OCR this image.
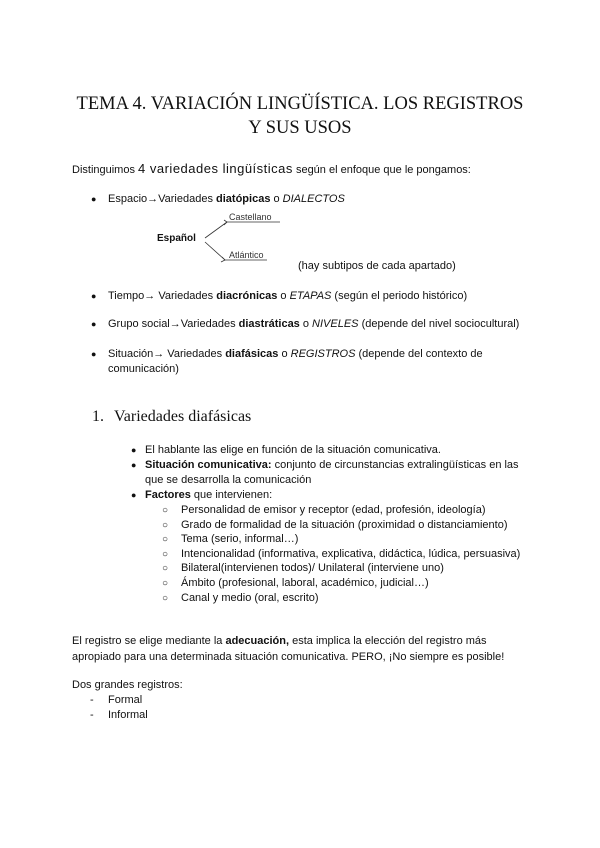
TEMA 4. VARIACIÓN LINGÜÍSTICA. LOS REGISTROS
Y SUS USOS
Distinguimos 4 variedades lingüísticas según el enfoque que le pongamos:
● Espacio→Variedades diatópicas o DIALECTOS
Español
Castellano
Atlántico
(hay subtipos de cada apartado)
● Tiempo→ Variedades diacrónicas o ETAPAS (según el periodo histórico)
● Grupo social→Variedades diastráticas o NIVELES (depende del nivel sociocultural)
● Situación→ Variedades diafásicas o REGISTROS (depende del contexto de
comunicación)
1. Variedades diafásicas
● El hablante las elige en función de la situación comunicativa.
● Situación comunicativa: conjunto de circunstancias extralingüísticas en las
que se desarrolla la comunicación
● Factores que intervienen:
○ Personalidad de emisor y receptor (edad, profesión, ideología)
○ Grado de formalidad de la situación (proximidad o distanciamiento)
○ Tema (serio, informal…)
○ Intencionalidad (informativa, explicativa, didáctica, lúdica, persuasiva)
○ Bilateral(intervienen todos)/ Unilateral (interviene uno)
○ Ámbito (profesional, laboral, académico, judicial…)
○ Canal y medio (oral, escrito)
El registro se elige mediante la adecuación, esta implica la elección del registro más
apropiado para una determinada situación comunicativa. PERO, ¡No siempre es posible!
Dos grandes registros:
- Formal
- Informal
